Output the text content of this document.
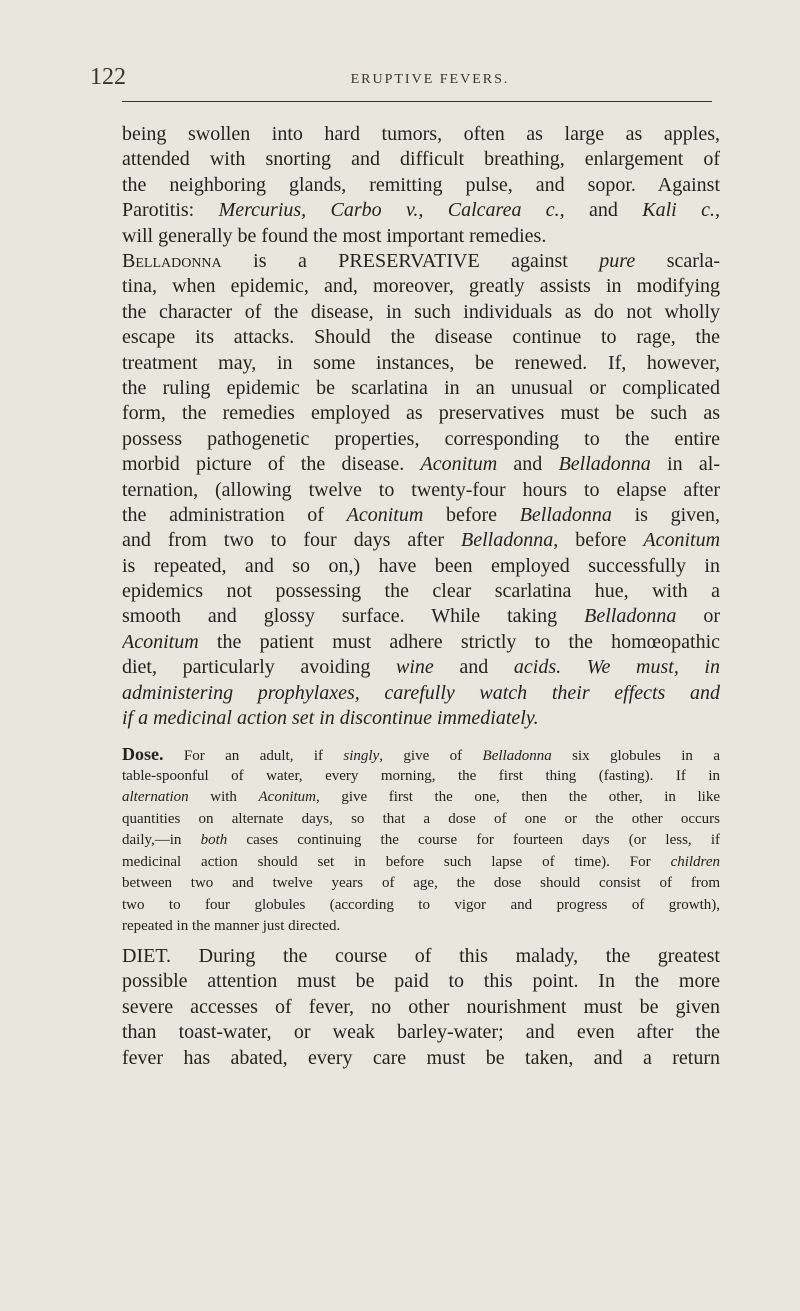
122	ERUPTIVE FEVERS.
being swollen into hard tumors, often as large as apples,
attended with snorting and difficult breathing, enlargement of
the neighboring glands, remitting pulse, and sopor. Against
Parotitis: Mercurius, Carbo v., Calcarea c., and Kali c.,
will generally be found the most important remedies.
Belladonna is a PRESERVATIVE against pure scarla-
tina, when epidemic, and, moreover, greatly assists in modifying
the character of the disease, in such individuals as do not wholly
escape its attacks. Should the disease continue to rage, the
treatment may, in some instances, be renewed. If, however,
the ruling epidemic be scarlatina in an unusual or complicated
form, the remedies employed as preservatives must be such as
possess pathogenetic properties, corresponding to the entire
morbid picture of the disease. Aconitum and Belladonna in al-
ternation, (allowing twelve to twenty-four hours to elapse after
the administration of Aconitum before Belladonna is given,
and from two to four days after Belladonna, before Aconitum
is repeated, and so on,) have been employed successfully in
epidemics not possessing the clear scarlatina hue, with a
smooth and glossy surface. While taking Belladonna or
Aconitum the patient must adhere strictly to the homœopathic
diet, particularly avoiding wine and acids. We must, in
administering prophylaxes, carefully watch their effects and
if a medicinal action set in discontinue immediately.
Dose. For an adult, if singly, give of Belladonna six globules in a
table-spoonful of water, every morning, the first thing (fasting). If in
alternation with Aconitum, give first the one, then the other, in like
quantities on alternate days, so that a dose of one or the other occurs
daily,—in both cases continuing the course for fourteen days (or less, if
medicinal action should set in before such lapse of time). For children
between two and twelve years of age, the dose should consist of from
two to four globules (according to vigor and progress of growth),
repeated in the manner just directed.
DIET. During the course of this malady, the greatest
possible attention must be paid to this point. In the more
severe accesses of fever, no other nourishment must be given
than toast-water, or weak barley-water; and even after the
fever has abated, every care must be taken, and a return
